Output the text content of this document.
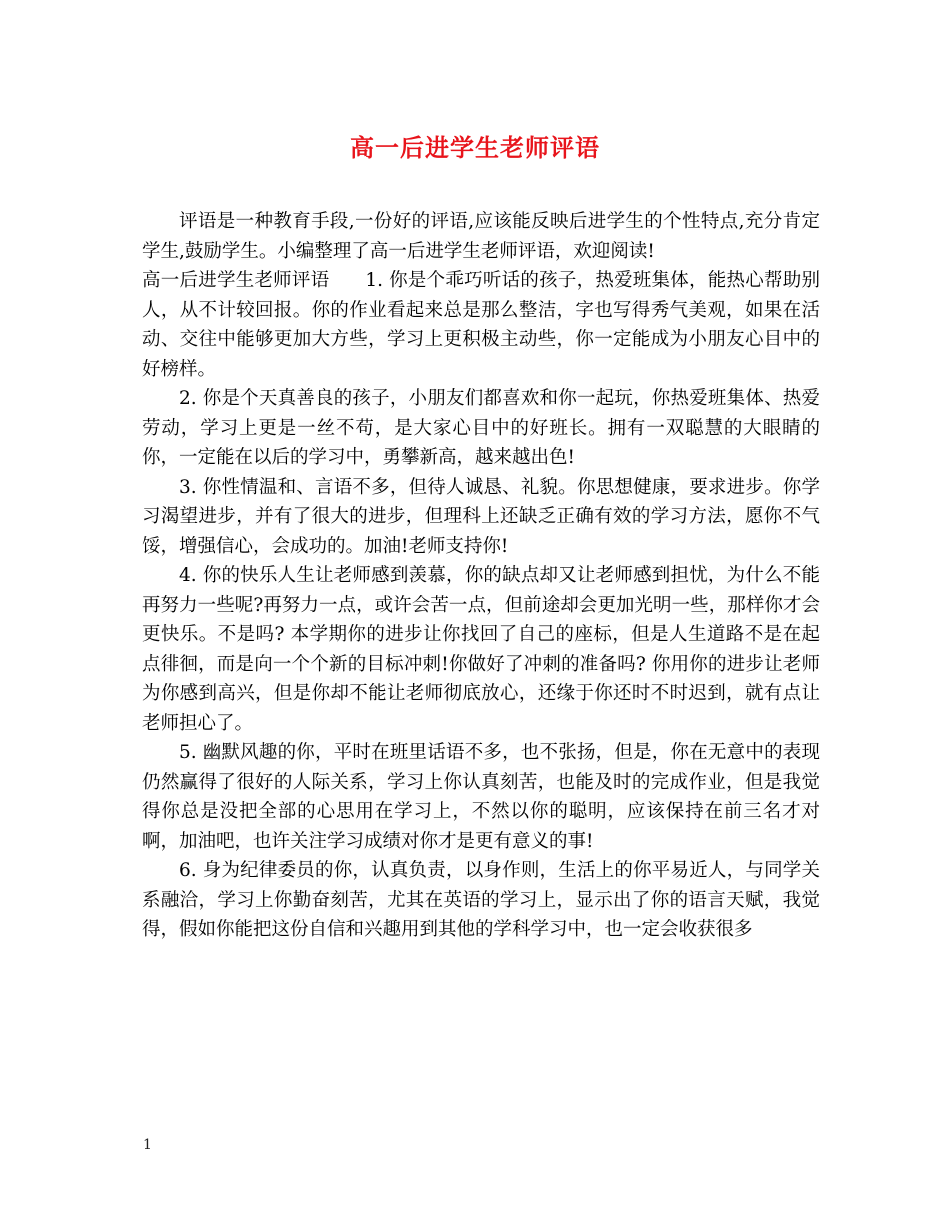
高一后进学生老师评语

评语是一种教育手段,一份好的评语,应该能反映后进学生的个性特点,充分肯定学生,鼓励学生。小编整理了高一后进学生老师评语，欢迎阅读!

高一后进学生老师评语 1. 你是个乖巧听话的孩子，热爱班集体，能热心帮助别人，从不计较回报。你的作业看起来总是那么整洁，字也写得秀气美观，如果在活动、交往中能够更加大方些，学习上更积极主动些，你一定能成为小朋友心目中的好榜样。

2. 你是个天真善良的孩子，小朋友们都喜欢和你一起玩，你热爱班集体、热爱劳动，学习上更是一丝不苟，是大家心目中的好班长。拥有一双聪慧的大眼睛的你，一定能在以后的学习中，勇攀新高，越来越出色!

3. 你性情温和、言语不多，但待人诚恳、礼貌。你思想健康，要求进步。你学习渴望进步，并有了很大的进步，但理科上还缺乏正确有效的学习方法，愿你不气馁，增强信心，会成功的。加油!老师支持你!

4. 你的快乐人生让老师感到羡慕，你的缺点却又让老师感到担忧，为什么不能再努力一些呢?再努力一点，或许会苦一点，但前途却会更加光明一些，那样你才会更快乐。不是吗? 本学期你的进步让你找回了自己的座标，但是人生道路不是在起点徘徊，而是向一个个新的目标冲刺!你做好了冲刺的准备吗? 你用你的进步让老师为你感到高兴，但是你却不能让老师彻底放心，还缘于你还时不时迟到，就有点让老师担心了。

5. 幽默风趣的你，平时在班里话语不多，也不张扬，但是，你在无意中的表现仍然赢得了很好的人际关系，学习上你认真刻苦，也能及时的完成作业，但是我觉得你总是没把全部的心思用在学习上，不然以你的聪明，应该保持在前三名才对啊，加油吧，也许关注学习成绩对你才是更有意义的事!

6. 身为纪律委员的你，认真负责，以身作则，生活上的你平易近人，与同学关系融洽，学习上你勤奋刻苦，尤其在英语的学习上，显示出了你的语言天赋，我觉得，假如你能把这份自信和兴趣用到其他的学科学习中，也一定会收获很多

1
